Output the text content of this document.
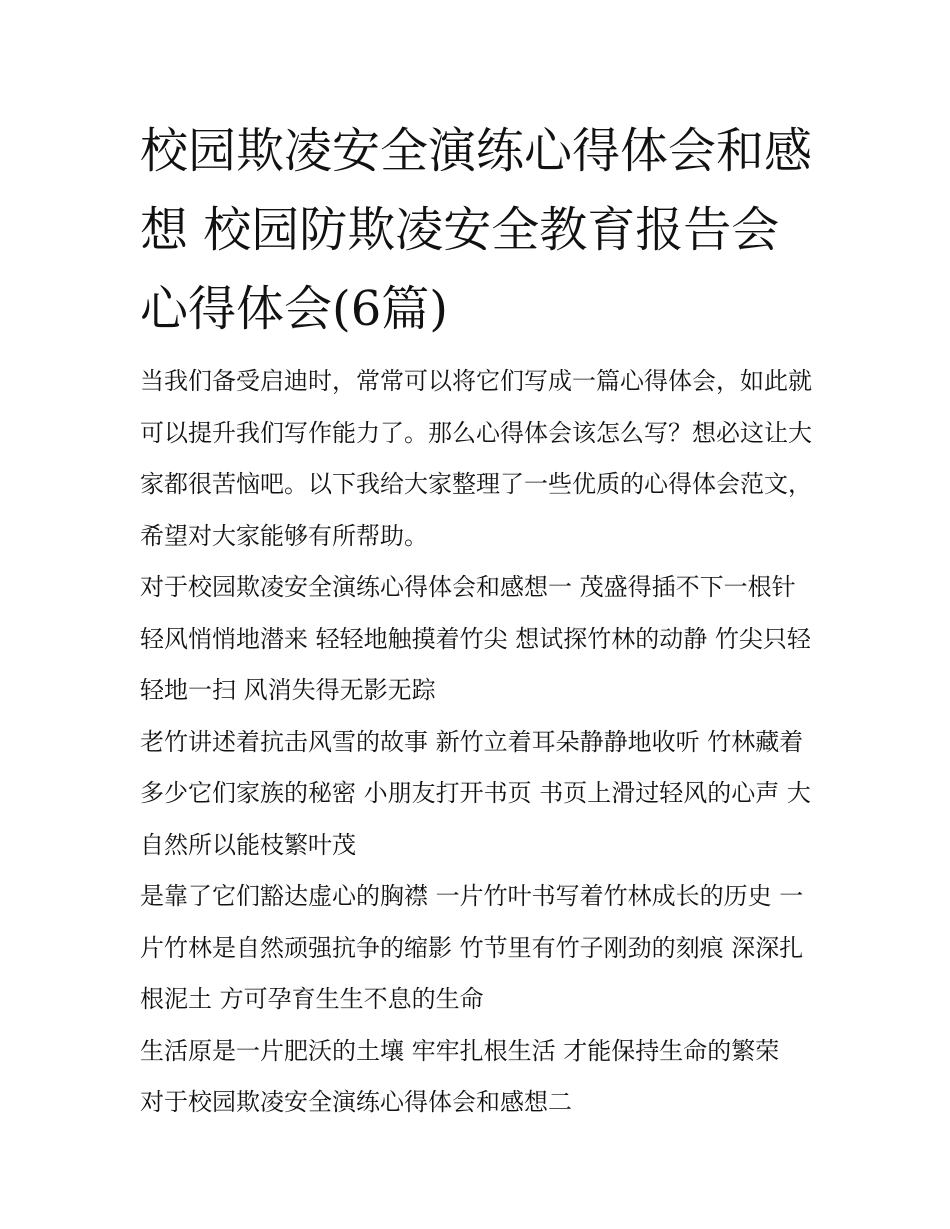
校园欺凌安全演练心得体会和感想 校园防欺凌安全教育报告会心得体会(6篇)

当我们备受启迪时，常常可以将它们写成一篇心得体会，如此就可以提升我们写作能力了。那么心得体会该怎么写？想必这让大家都很苦恼吧。以下我给大家整理了一些优质的心得体会范文，希望对大家能够有所帮助。

对于校园欺凌安全演练心得体会和感想一 茂盛得插不下一根针 轻风悄悄地潜来 轻轻地触摸着竹尖 想试探竹林的动静 竹尖只轻轻地一扫 风消失得无影无踪

老竹讲述着抗击风雪的故事 新竹立着耳朵静静地收听 竹林藏着多少它们家族的秘密 小朋友打开书页 书页上滑过轻风的心声 大自然所以能枝繁叶茂

是靠了它们豁达虚心的胸襟 一片竹叶书写着竹林成长的历史 一片竹林是自然顽强抗争的缩影 竹节里有竹子刚劲的刻痕 深深扎根泥土 方可孕育生生不息的生命

生活原是一片肥沃的土壤 牢牢扎根生活 才能保持生命的繁荣

对于校园欺凌安全演练心得体会和感想二
